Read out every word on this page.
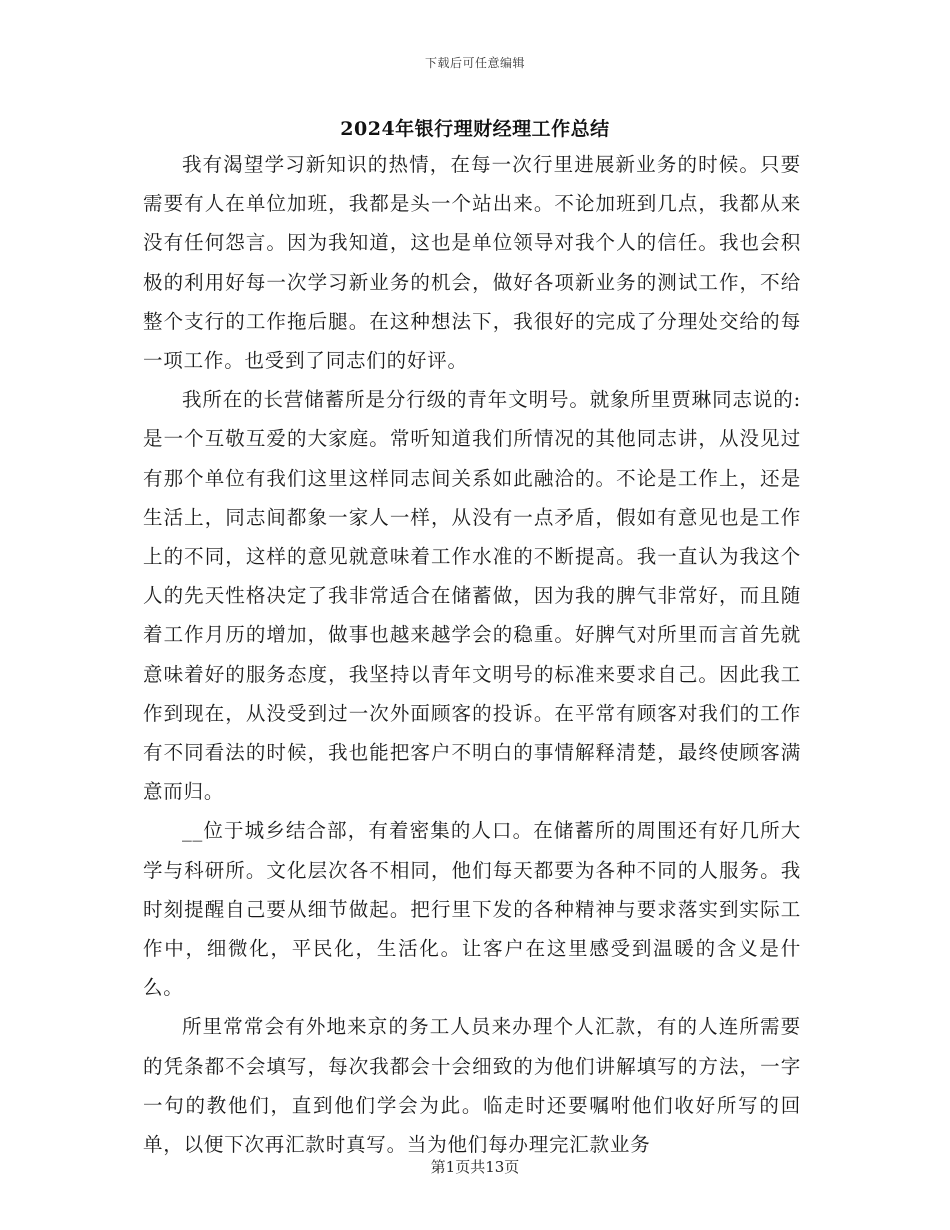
下载后可任意编辑
2024年银行理财经理工作总结

我有渴望学习新知识的热情，在每一次行里进展新业务的时候。只要需要有人在单位加班，我都是头一个站出来。不论加班到几点，我都从来没有任何怨言。因为我知道，这也是单位领导对我个人的信任。我也会积极的利用好每一次学习新业务的机会，做好各项新业务的测试工作，不给整个支行的工作拖后腿。在这种想法下，我很好的完成了分理处交给的每一项工作。也受到了同志们的好评。

我所在的长营储蓄所是分行级的青年文明号。就象所里贾琳同志说的:是一个互敬互爱的大家庭。常听知道我们所情况的其他同志讲，从没见过有那个单位有我们这里这样同志间关系如此融洽的。不论是工作上，还是生活上，同志间都象一家人一样，从没有一点矛盾，假如有意见也是工作上的不同，这样的意见就意味着工作水准的不断提高。我一直认为我这个人的先天性格决定了我非常适合在储蓄做，因为我的脾气非常好，而且随着工作月历的增加，做事也越来越学会的稳重。好脾气对所里而言首先就意味着好的服务态度，我坚持以青年文明号的标准来要求自己。因此我工作到现在，从没受到过一次外面顾客的投诉。在平常有顾客对我们的工作有不同看法的时候，我也能把客户不明白的事情解释清楚，最终使顾客满意而归。

__位于城乡结合部，有着密集的人口。在储蓄所的周围还有好几所大学与科研所。文化层次各不相同，他们每天都要为各种不同的人服务。我时刻提醒自己要从细节做起。把行里下发的各种精神与要求落实到实际工作中，细微化，平民化，生活化。让客户在这里感受到温暖的含义是什么。

所里常常会有外地来京的务工人员来办理个人汇款，有的人连所需要的凭条都不会填写，每次我都会十会细致的为他们讲解填写的方法，一字一句的教他们，直到他们学会为此。临走时还要嘱咐他们收好所写的回单，以便下次再汇款时真写。当为他们每办理完汇款业务

第1页共13页
